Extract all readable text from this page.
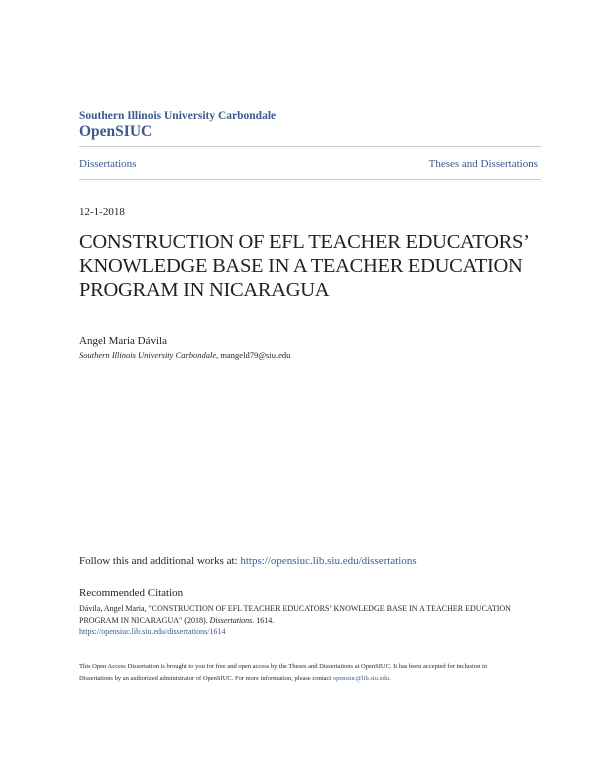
Southern Illinois University Carbondale
OpenSIUC
Dissertations	Theses and Dissertations
12-1-2018
CONSTRUCTION OF EFL TEACHER EDUCATORS’ KNOWLEDGE BASE IN A TEACHER EDUCATION PROGRAM IN NICARAGUA
Angel Maria Dávila
Southern Illinois University Carbondale, mangeld79@siu.edu
Follow this and additional works at: https://opensiuc.lib.siu.edu/dissertations
Recommended Citation
Dávila, Angel Maria, "CONSTRUCTION OF EFL TEACHER EDUCATORS’ KNOWLEDGE BASE IN A TEACHER EDUCATION PROGRAM IN NICARAGUA" (2018). Dissertations. 1614.
https://opensiuc.lib.siu.edu/dissertations/1614
This Open Access Dissertation is brought to you for free and open access by the Theses and Dissertations at OpenSIUC. It has been accepted for inclusion in Dissertations by an authorized administrator of OpenSIUC. For more information, please contact opensiuc@lib.siu.edu.
